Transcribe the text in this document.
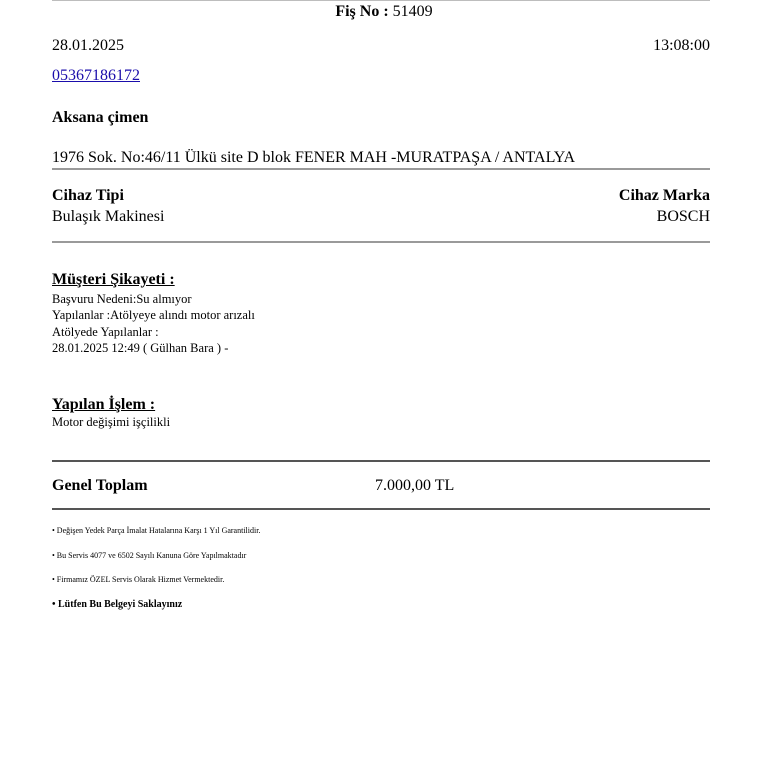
Fiş No : 51409
28.01.2025	13:08:00
05367186172
Aksana çimen
1976 Sok. No:46/11 Ülkü site D blok FENER MAH -MURATPAŞA / ANTALYA
Cihaz Tipi
Bulaşık Makinesi
Cihaz Marka
BOSCH
Müşteri Şikayeti :
Başvuru Nedeni:Su almıyor
Yapılanlar :Atölyeye alındı motor arızalı
Atölyede Yapılanlar :
28.01.2025 12:49 ( Gülhan Bara ) -
Yapılan İşlem :
Motor değişimi işçilikli
Genel Toplam	7.000,00 TL
• Değişen Yedek Parça İmalat Hatalarına Karşı 1 Yıl Garantilidir.
• Bu Servis 4077 ve 6502 Sayılı Kanuna Göre Yapılmaktadır
• Firmamız ÖZEL Servis Olarak Hizmet Vermektedir.
• Lütfen Bu Belgeyi Saklayınız
